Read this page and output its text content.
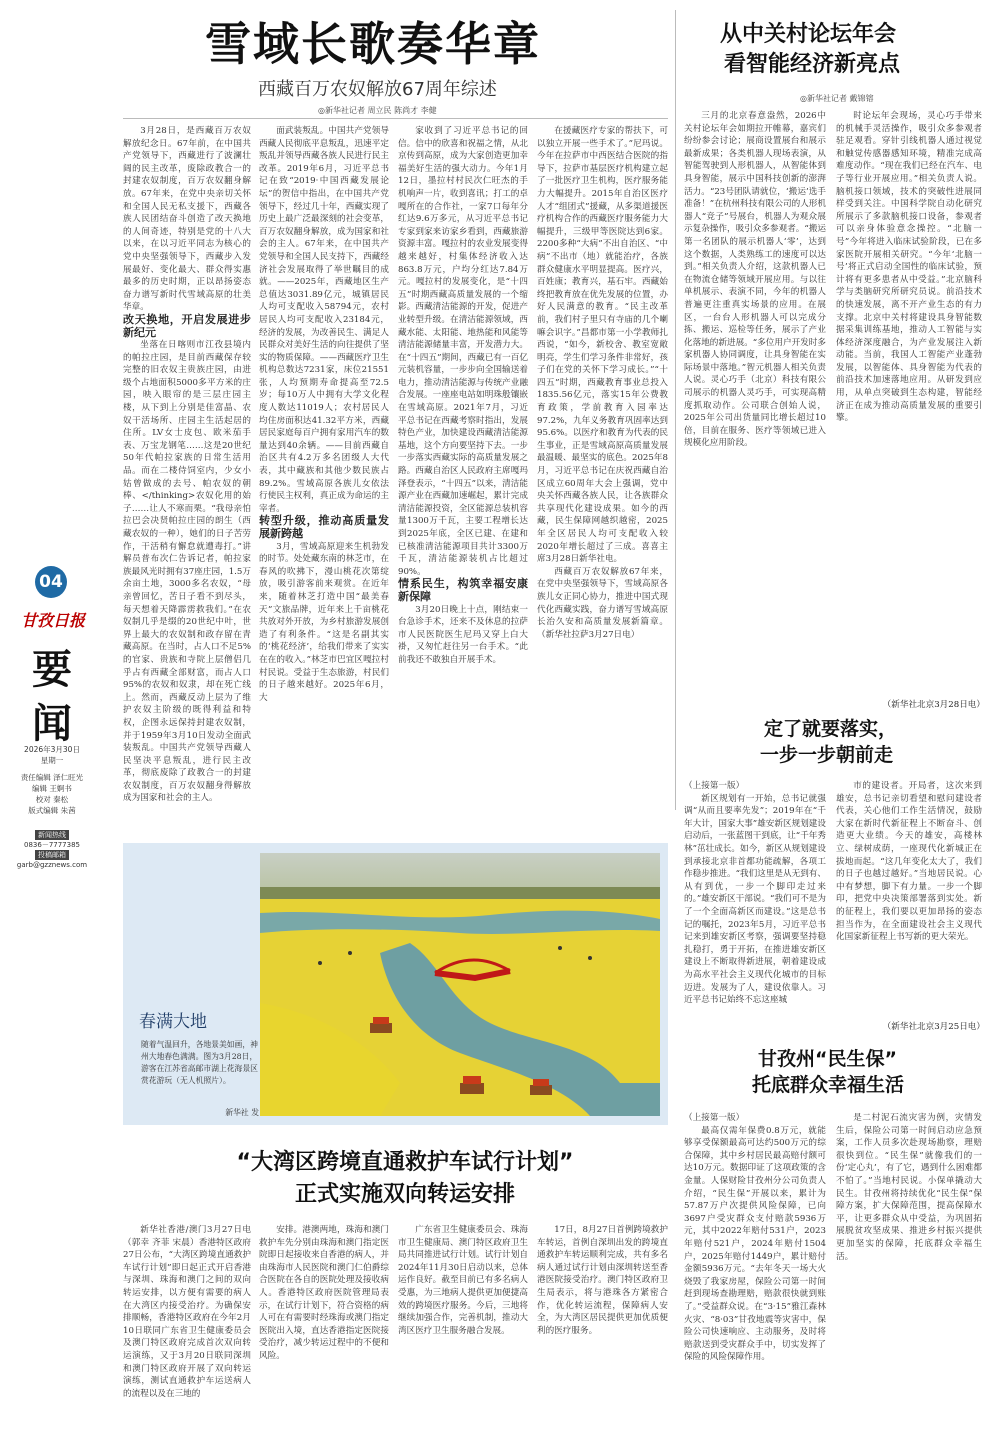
04
甘孜日报
要
闻
2026年3月30日
星期一
责任编辑 泽仁旺光
编辑 王婀书
校对 秦松
版式编辑 朱茜
新闻热线
0836－7777385
投稿邮箱
garb@gzznews.com
雪域长歌奏华章
西藏百万农奴解放67周年综述
◎新华社记者 周立民 陈尚才 李健

3月28日，是西藏百万农奴解放纪念日。67年前，在中国共产党领导下，西藏进行了波澜壮阔的民主改革，废除政教合一的封建农奴制度，百万农奴翻身解放。67年来，在党中央亲切关怀和全国人民无私支援下，西藏各族人民团结奋斗创造了改天换地的人间奇迹，特别是党的十八大以来，在以习近平同志为核心的党中央坚强领导下，西藏步入发展最好、变化最大、群众得实惠最多的历史时期，正以昂扬姿态奋力谱写新时代雪域高原的壮美华章。

改天换地，开启发展进步新纪元

坐落在日喀则市江孜县境内的帕拉庄园，是目前西藏保存较完整的旧农奴主贵族庄园，由进级个占地面积5000多平方米的庄园，映入眼帘的是三层庄园主楼，从下到上分别是佳富晶、农奴干活场所、庄园主生活起居的住所。LV女士皮包、欧米茄手表、万宝龙钢笔……这是20世纪50年代帕拉家族的日常生活用品。而在二楼侍饲室内，少女小姑曾做成的去号、帕农奴的朝棒、</thinking>农奴化用的始子……让人不寒而栗。“我母亲怕拉巴会决贤帕拉庄园的朗生（西藏农奴的一种），她们的日子苦劳作，干活稍有懈怠就遭毒打。”讲解员普布次仁告诉记者，帕拉家族最风光时拥有37座庄园，1.5万余亩土地，3000多名农奴，“母亲曾回忆，苦日子看不到尽头，每天想着天降霹雳救我们。”在农奴制几乎是缀的20世纪中叶，世界上最大的农奴制和政存留在青藏高原。在当时，占人口不足5%的官家、贵族和寺院上层僧侣几乎占有西藏全部财富，而占人口95%的农奴和奴隶，却在死亡线上。然而，西藏反动上层为了维护农奴主阶级的既得利益和特权，企图永远保持封建农奴制，并于1959年3月10日发动全面武装叛乱。中国共产党领导西藏人民坚决平息叛乱，进行民主改革，彻底废除了政教合一的封建农奴制度，百万农奴翻身得解放成为国家和社会的主人。

面武装叛乱。中国共产党领导西藏人民彻底平息叛乱，迅速平定叛乱并领导西藏各族人民进行民主改革。2019年6月，习近平总书记在致“2019·中国西藏发展论坛”的贺信中指出，在中国共产党领导下，经过几十年，西藏实现了历史上最广泛最深刻的社会变革，百万农奴翻身解放，成为国家和社会的主人。67年来，在中国共产党领导和全国人民支持下，西藏经济社会发展取得了举世瞩目的成就。——2025年，西藏地区生产总值达3031.89亿元，城镇居民人均可支配收入58794元，农村居民人均可支配收入23184元，经济的发展，为改善民生、满足人民群众对美好生活的向往提供了坚实的物质保障。——西藏医疗卫生机构总数达7231家，床位21551张，人均预期寿命提高至72.5岁；每10万人中拥有大学文化程度人数达11019人；农村居民人均住房面积达41.32平方米，西藏居民家庭每百户拥有家用汽车的数量达到40余辆。——目前西藏自治区共有4.2万多名团级人大代表，其中藏族和其他少数民族占89.2%。雪域高原各族儿女依法行使民主权利，真正成为命运的主宰者。

转型升级，推动高质量发展新跨越

3月，雪域高原迎来生机勃发的时节。处处藏东南的林芝市，在春风的吹拂下，漫山桃花次第绽放，吸引游客前来观赏。在近年来，随着林芝打造中国“最美春天”文旅品牌，近年来上千亩桃花共放对外开放，为乡村旅游发展创造了有利条件。“这是名副其实的‘桃花经济’，给我们带来了实实在在的收入。”林芝市巴宜区嘎拉村村民说。受益于生态旅游，村民们的日子越来越好。2025年6月，大

家收到了习近平总书记的回信。信中的欣喜和祝福之情，从北京传到高原，成为大家创造更加幸福美好生活的强大动力。今年1月12日，墨拉村村民次仁旺杰的手机响声一片，收到喜讯；打工的卓嘎所在的合作社，一家7口每年分红达9.6万多元，从习近平总书记专家到家来访家乡看到，西藏旅游资源丰富。嘎拉村的农业发展变得越来越好，村集体经济收入达863.8万元，户均分红达7.84万元。嘎拉村的发展变化，是“十四五”时期西藏高质量发展的一个缩影。西藏清洁能源的开发，促进产业转型升级。在清洁能源领域，西藏水能、太阳能、地热能和风能等清洁能源储量丰富，开发潜力大。在“十四五”期间，西藏已有一百亿元装机容量，一步步向全国输送着电力，推动清洁能源与传统产业融合发展。一座座电站如明珠般镶嵌在雪域高原。2021年7月，习近平总书记在西藏考察时指出，发展特色产业，加快建设西藏清洁能源基地，这个方向要坚持下去。一步一步落实西藏实际的高质量发展之路。西藏自治区人民政府主席嘎玛泽登表示，“十四五”以来，清洁能源产业在西藏加速崛起，累计完成清洁能源投资，全区能源总装机容量1300万千瓦，主要工程增长达到2025年底，全区已建、在建和已核准清洁能源项目共计3300万千瓦，清洁能源装机占比超过90%。

情系民生，构筑幸福安康新保障

3月20日晚上十点，刚结束一台急诊手术，还来不及休息的拉萨市人民医院医生尼玛又穿上白大褂，又匆忙赶往另一台手术。“此前我还不敢独自开展手术。

在援藏医疗专家的帮扶下，可以独立开展一些手术了。”尼玛说。今年在拉萨市中西医结合医院的指导下，拉萨市基层医疗机构建立起了一批医疗卫生机构，医疗服务能力大幅提升。2015年自治区医疗人才“组团式”援藏，从多渠道援医疗机构合作的西藏医疗服务能力大幅提升，三级甲等医院达到6家。2200多种“大病”不出自治区、“中病”不出市（地）就能治疗，各族群众健康水平明显提高。医疗兴，百姓康；教育兴，基石牢。西藏始终把教育放在优先发展的位置，办好人民满意的教育。“民主改革前，我们村子里只有寺庙的几个喇嘛会识字。”昌都市第一小学教师扎西说，“如今，新校舍、教室宽敞明亮，学生们学习条件非常好，孩子们在党的关怀下学习成长。”“十四五”时期，西藏教育事业总投入1835.56亿元，落实15年公费教育政策，学前教育入园率达97.2%，九年义务教育巩固率达到95.6%。以医疗和教育为代表的民生事业，正是雪域高原高质量发展最温暖、最坚实的底色。2025年8月，习近平总书记在庆祝西藏自治区成立60周年大会上强调，党中央关怀西藏各族人民，让各族群众共享现代化建设成果。如今的西藏，民生保障网越织越密，2025年全区居民人均可支配收入较2020年增长超过了三成。喜喜主席3月28日新华社电。

西藏百万农奴解放67年来，在党中央坚强领导下，雪域高原各族儿女正同心协力，推进中国式现代化西藏实践，奋力谱写雪域高原长治久安和高质量发展新篇章。（新华社拉萨3月27日电）

从中关村论坛年会
看智能经济新亮点
◎新华社记者 戴锦镕

三月的北京春意盎然，2026中关村论坛年会如期拉开帷幕，嘉宾们纷纷参会讨论；展商设置展台和展示最新成果；各类机器人现场表演，从智能驾驶到人形机器人，从智能体到具身智能，展示中国科技创新的澎湃活力。“23号团队请就位，‘搬运’选手准备！”在杭州科技有限公司的人形机器人“竞子”号展台，机器人为观众展示复杂操作，吸引众多参观者。“搬运第一名团队的展示机器人‘零’，达到这个数据，人类熟练工的速度可以达到。”相关负责人介绍，这款机器人已在物流仓储等领域开展应用。与以往单机展示、表演不同，今年的机器人普遍更注重真实场景的应用。在展区，一台台人形机器人可以完成分拣、搬运、巡检等任务，展示了产业化落地的新进展。“多位用户开发时多家机器人协同调度，让具身智能在实际场景中落地。”智元机器人相关负责人说。灵心巧手（北京）科技有限公司展示的机器人灵巧手，可实现高精度抓取动作。公司联合创始人说，2025年公司出货量同比增长超过10倍，目前在服务、医疗等领域已进入规模化应用阶段。

时论坛年会现场，灵心巧手带来的机械手灵活操作，吸引众多参观者驻足观看。穿针引线机器人通过视觉和触觉传感器感知环境，精准完成高难度动作。“现在我们已经在汽车、电子等行业开展应用。”相关负责人说。脑机接口领域，技术的突破性进展同样受到关注。中国科学院自动化研究所展示了多款脑机接口设备，参观者可以亲身体验意念操控。“北脑一号”今年将进入临床试验阶段，已在多家医院开展相关研究。“今年‘北脑一号’将正式启动全国性的临床试验，预计将有更多患者从中受益。”北京脑科学与类脑研究所研究员说。前沿技术的快速发展，离不开产业生态的有力支撑。北京中关村将建设具身智能数据采集训练基地，推动人工智能与实体经济深度融合，为产业发展注入新动能。当前，我国人工智能产业蓬勃发展，以智能体、具身智能为代表的前沿技术加速落地应用。从研发到应用，从单点突破到生态构建，智能经济正在成为推动高质量发展的重要引擎。

（新华社北京3月28日电）
定了就要落实，
一步一步朝前走

（上接第一版）

新区规划有一开始，总书记就强调“从而且要率先发”；2019年在“千年大计，国家大事”雄安新区规划建设启动后，一张蓝图干到底，让“千年秀林”茁壮成长。如今，新区从规划建设到承接北京非首都功能疏解，各项工作稳步推进。“我们这里是从无到有、从有到优，一步一个脚印走过来的。”雄安新区干部说。“我们可不是为了一个全面高新区而建设。”这是总书记的嘱托，2023年5月，习近平总书记来到雄安新区考察，强调要坚持稳扎稳打，勇于开拓，在推进雄安新区建设上不断取得新进展，朝着建设成为高水平社会主义现代化城市的目标迈进。发展为了人，建设依靠人。习近平总书记始终不忘这座城

市的建设者。开局者，这次来到雄安，总书记亲切看望和慰问建设者代表，关心他们工作生活情况，鼓励大家在新时代新征程上不断奋斗、创造更大业绩。今天的雄安，高楼林立、绿树成荫，一座现代化新城正在拔地而起。“这几年变化太大了，我们的日子也越过越好。”当地居民说。心中有梦想，脚下有力量。一步一个脚印，把党中央决策部署落到实处。新的征程上，我们要以更加昂扬的姿态担当作为，在全面建设社会主义现代化国家新征程上书写新的更大荣光。

（新华社北京3月25日电）
甘孜州“民生保”
托底群众幸福生活

（上接第一版）

最高仅需年保费0.8万元，就能够享受保额最高可达约500万元的综合保障，其中乡村居民最高赔付额可达10万元。数据印证了这项政策的含金量。人保财险甘孜州分公司负责人介绍，“民生保”开展以来，累计为57.87万户次提供风险保障，已向3697户受灾群众支付赔款5936万元，其中2022年赔付531户，2023年赔付521户，2024年赔付1504户，2025年赔付1449户，累计赔付金额5936万元。“去年冬天一场大火烧毁了我家房屋，保险公司第一时间赶到现场查勘理赔，赔款很快就到账了。”受益群众说。在“3·15”雅江森林火灾、“8·03”甘孜地震等灾害中，保险公司快速响应、主动服务，及时将赔款送到受灾群众手中，切实发挥了保险的风险保障作用。

是二村泥石流灾害为例，灾情发生后，保险公司第一时间启动应急预案，工作人员多次赴现场勘察，理赔很快到位。“民生保”就像我们的一份‘定心丸’，有了它，遇到什么困难都不怕了。”当地村民说。小保单撬动大民生。甘孜州将持续优化“民生保”保障方案，扩大保障范围，提高保障水平，让更多群众从中受益，为巩固拓展脱贫攻坚成果、推进乡村振兴提供更加坚实的保障，托底群众幸福生活。

春满大地
随着气温回升，各地景美如画，神州大地春色满满。图为3月28日，游客在江苏省高邮市湖上花海景区赏花游玩（无人机照片）。
新华社 发
“大湾区跨境直通救护车试行计划”
正式实施双向转运安排

新华社香港/澳门3月27日电（郭幸 齐菲 宋晨）香港特区政府27日公布，“大湾区跨境直通救护车试行计划”即日起正式开启香港与深圳、珠海和澳门之间的双向转运安排，以方便有需要的病人在大湾区内接受治疗。为确保安排顺畅，香港特区政府在今年2月10日联同广东省卫生健康委员会及澳门特区政府完成首次双向转运演练，又于3月20日联同深圳和澳门特区政府开展了双向转运演练，测试直通救护车运送病人的流程以及在三地的

安排。港澳两地，珠海和澳门救护车先分别由珠海和澳门指定医院即日起接收来自香港的病人，并由珠海市人民医院和澳门仁伯爵综合医院在各自的医院处理及接收病人。香港特区政府医院管理局表示，在试行计划下，符合资格的病人可在有需要时经珠海或澳门指定医院出入境，直达香港指定医院接受治疗，减少转运过程中的不便和风险。

广东省卫生健康委员会、珠海市卫生健康局、澳门特区政府卫生局共同推进试行计划。试行计划自2024年11月30日启动以来，总体运作良好。截至目前已有多名病人受惠，为三地病人提供更加便捷高效的跨境医疗服务。今后，三地将继续加强合作，完善机制，推动大湾区医疗卫生服务融合发展。

17日，8月27日首例跨境救护车转运，首例自深圳出发的跨境直通救护车转运顺利完成，共有多名病人通过试行计划由深圳转送至香港医院接受治疗。澳门特区政府卫生局表示，将与港珠各方紧密合作，优化转运流程，保障病人安全，为大湾区居民提供更加优质便利的医疗服务。
